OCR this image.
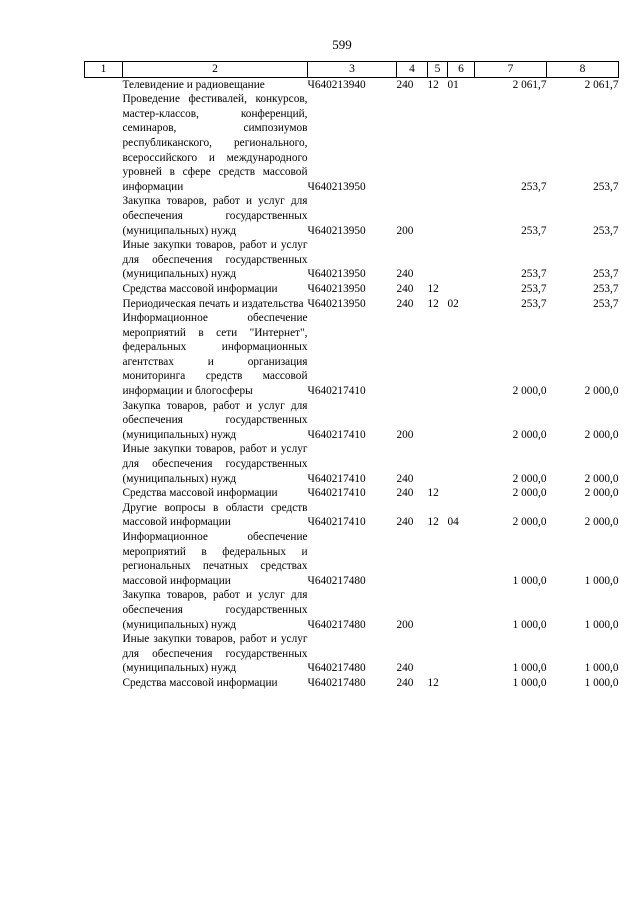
599
1	2	3	4	5	6	7	8
	Телевидение и радиовещание	Ч640213940	240	12	01	2 061,7	2 061,7
	Проведение фестивалей, конкурсов, мастер-классов, конференций, семинаров, симпозиумов республиканского, регионального, всероссийского и международного уровней в сфере средств массовой информации	Ч640213950				253,7	253,7
	Закупка товаров, работ и услуг для обеспечения государственных (муниципальных) нужд	Ч640213950	200			253,7	253,7
	Иные закупки товаров, работ и услуг для обеспечения государственных (муниципальных) нужд	Ч640213950	240			253,7	253,7
	Средства массовой информации	Ч640213950	240	12		253,7	253,7
	Периодическая печать и издательства	Ч640213950	240	12	02	253,7	253,7
	Информационное обеспечение мероприятий в сети "Интернет", федеральных информационных агентствах и организация мониторинга средств массовой информации и блогосферы	Ч640217410				2 000,0	2 000,0
	Закупка товаров, работ и услуг для обеспечения государственных (муниципальных) нужд	Ч640217410	200			2 000,0	2 000,0
	Иные закупки товаров, работ и услуг для обеспечения государственных (муниципальных) нужд	Ч640217410	240			2 000,0	2 000,0
	Средства массовой информации	Ч640217410	240	12		2 000,0	2 000,0
	Другие вопросы в области средств массовой информации	Ч640217410	240	12	04	2 000,0	2 000,0
	Информационное обеспечение мероприятий в федеральных и региональных печатных средствах массовой информации	Ч640217480				1 000,0	1 000,0
	Закупка товаров, работ и услуг для обеспечения государственных (муниципальных) нужд	Ч640217480	200			1 000,0	1 000,0
	Иные закупки товаров, работ и услуг для обеспечения государственных (муниципальных) нужд	Ч640217480	240			1 000,0	1 000,0
	Средства массовой информации	Ч640217480	240	12		1 000,0	1 000,0
